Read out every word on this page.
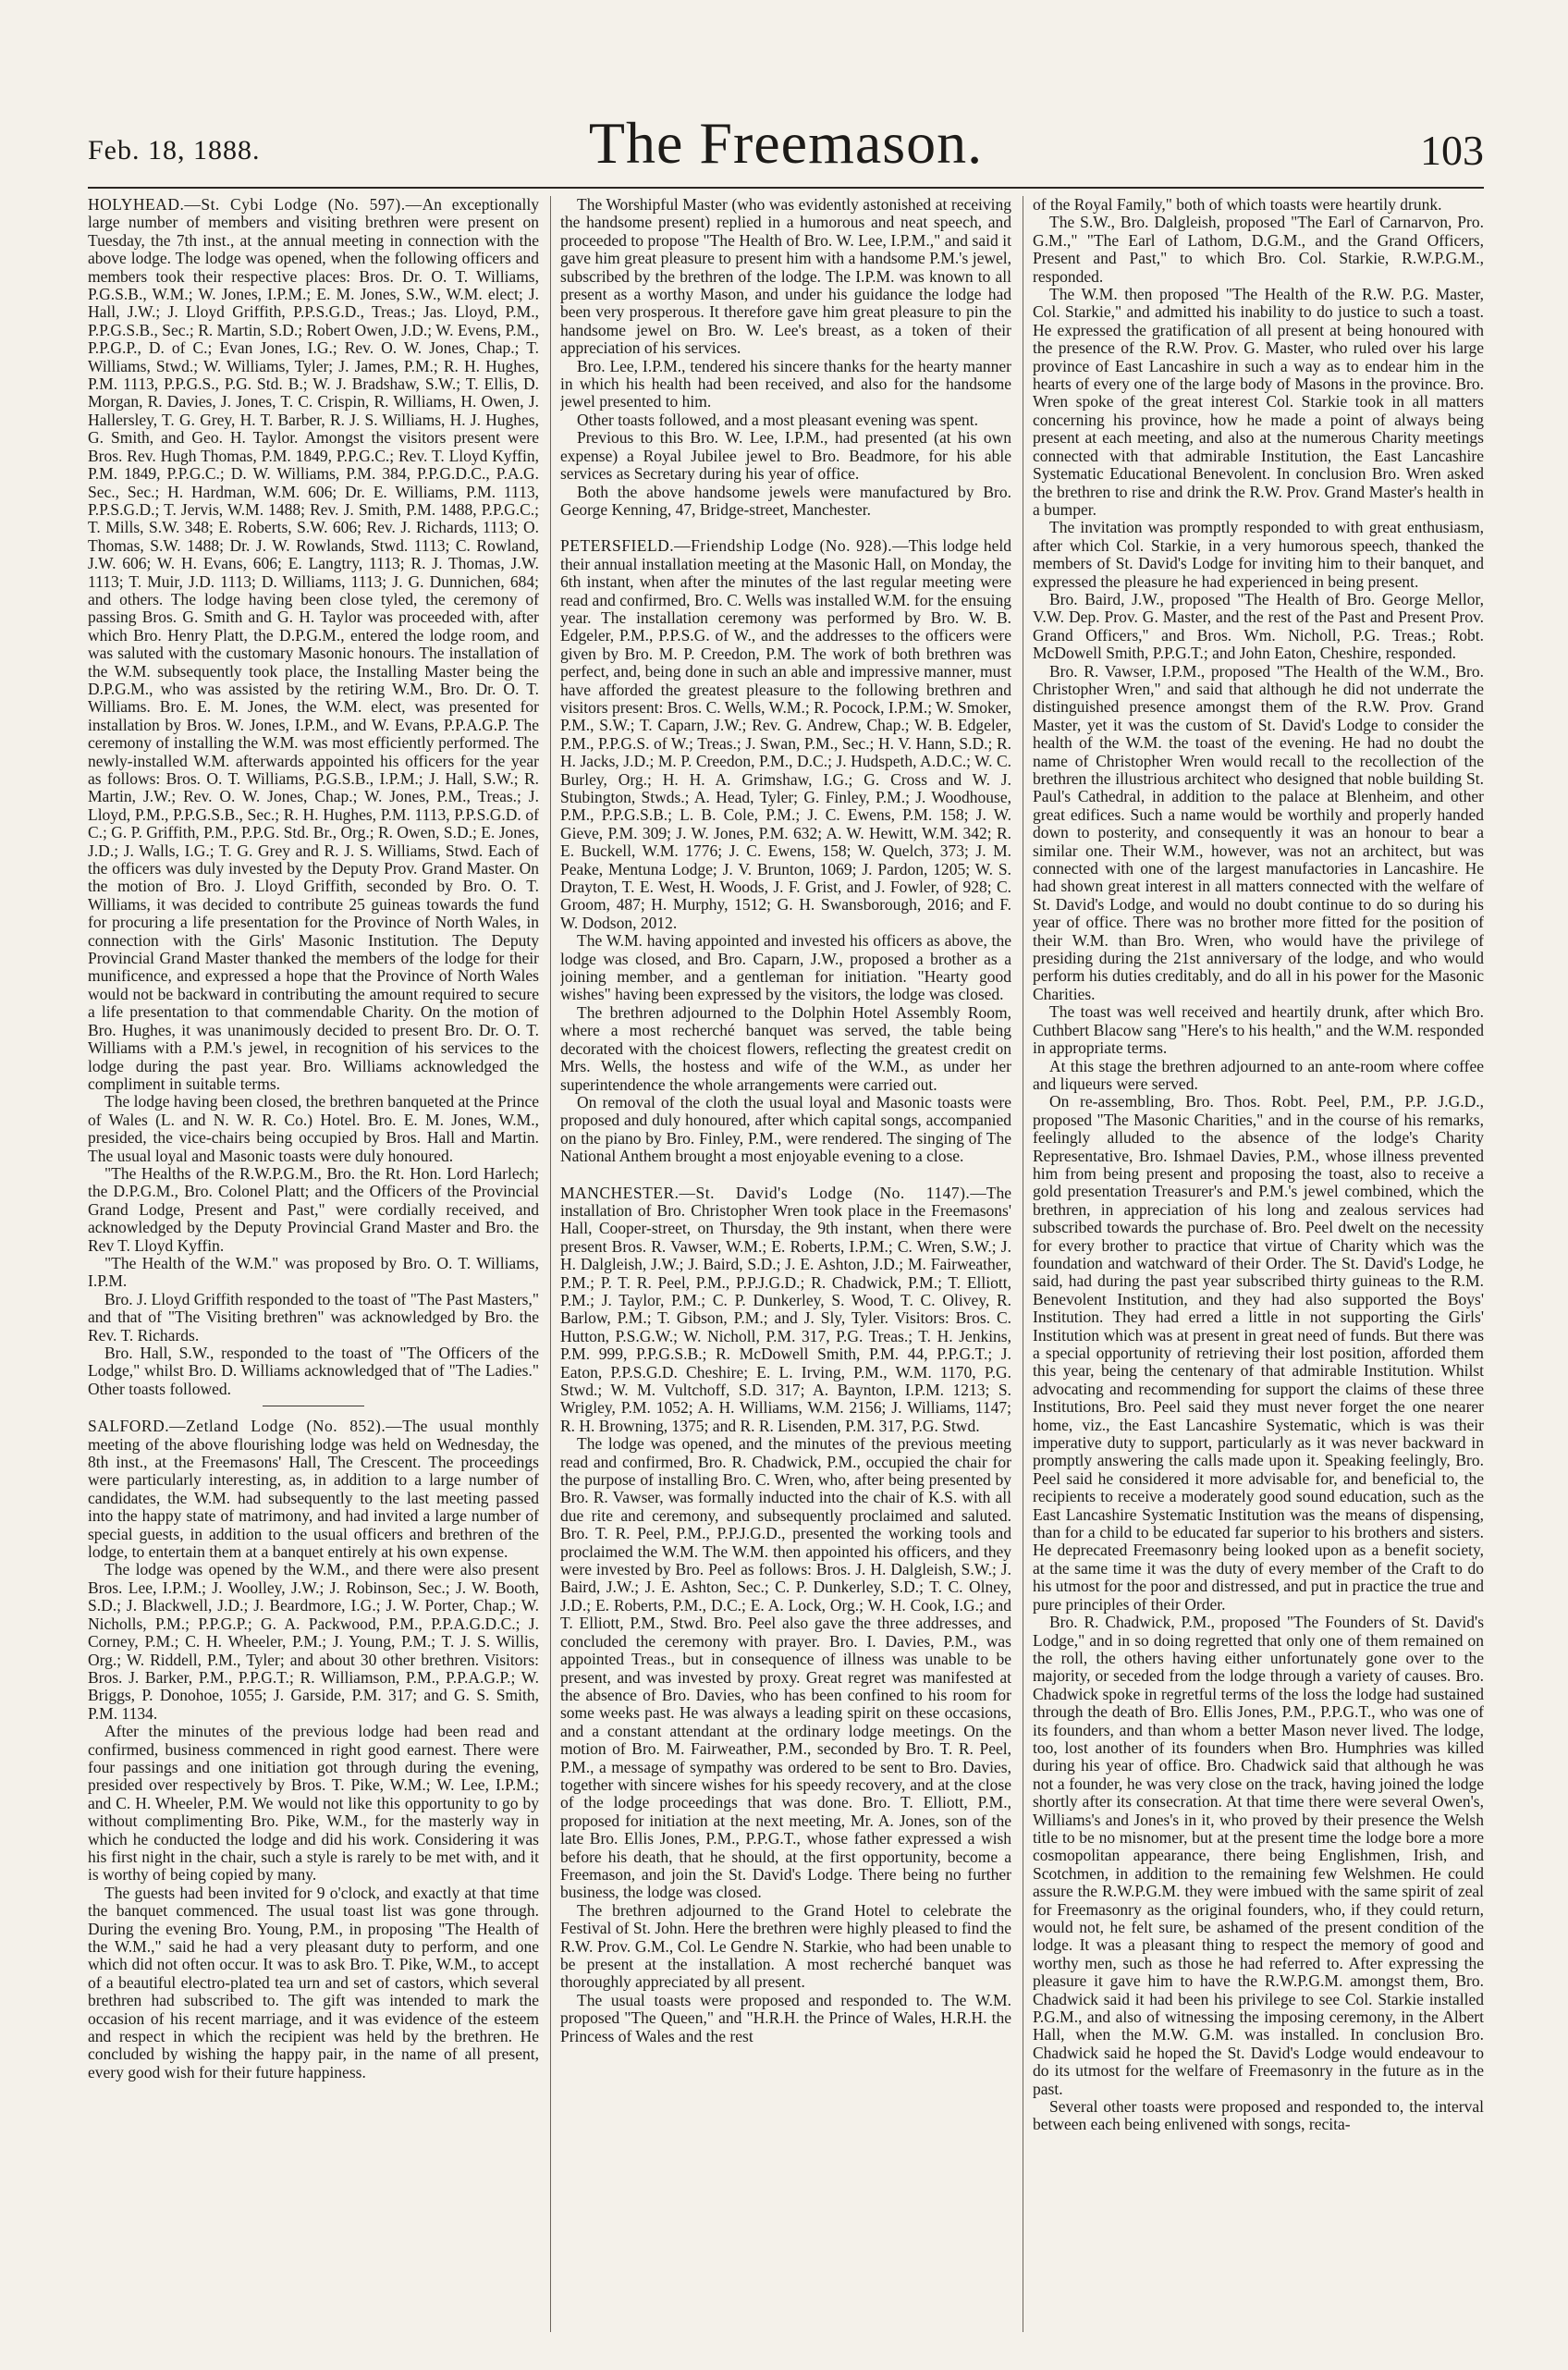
Feb. 18, 1888.	The Freemason.	103

HOLYHEAD.—St. Cybi Lodge (No. 597).—An exceptionally large number of members and visiting brethren were present on Tuesday, the 7th inst., at the annual meeting in connection with the above lodge. The lodge was opened, when the following officers and members took their respective places: Bros. Dr. O. T. Williams, P.G.S.B., W.M.; W. Jones, I.P.M.; E. M. Jones, S.W., W.M. elect; J. Hall, J.W.; J. Lloyd Griffith, P.P.S.G.D., Treas.; Jas. Lloyd, P.M., P.P.G.S.B., Sec.; R. Martin, S.D.; Robert Owen, J.D.; W. Evens, P.M., P.P.G.P., D. of C.; Evan Jones, I.G.; Rev. O. W. Jones, Chap.; T. Williams, Stwd.; W. Williams, Tyler; J. James, P.M.; R. H. Hughes, P.M. 1113, P.P.G.S., P.G. Std. B.; W. J. Bradshaw, S.W.; T. Ellis, D. Morgan, R. Davies, J. Jones, T. C. Crispin, R. Williams, H. Owen, J. Hallersley, T. G. Grey, H. T. Barber, R. J. S. Williams, H. J. Hughes, G. Smith, and Geo. H. Taylor. Amongst the visitors present were Bros. Rev. Hugh Thomas, P.M. 1849, P.P.G.C.; Rev. T. Lloyd Kyffin, P.M. 1849, P.P.G.C.; D. W. Williams, P.M. 384, P.P.G.D.C., P.A.G. Sec., Sec.; H. Hardman, W.M. 606; Dr. E. Williams, P.M. 1113, P.P.S.G.D.; T. Jervis, W.M. 1488; Rev. J. Smith, P.M. 1488, P.P.G.C.; T. Mills, S.W. 348; E. Roberts, S.W. 606; Rev. J. Richards, 1113; O. Thomas, S.W. 1488; Dr. J. W. Rowlands, Stwd. 1113; C. Rowland, J.W. 606; W. H. Evans, 606; E. Langtry, 1113; R. J. Thomas, J.W. 1113; T. Muir, J.D. 1113; D. Williams, 1113; J. G. Dunnichen, 684; and others. The lodge having been close tyled, the ceremony of passing Bros. G. Smith and G. H. Taylor was proceeded with, after which Bro. Henry Platt, the D.P.G.M., entered the lodge room, and was saluted with the customary Masonic honours. The installation of the W.M. subsequently took place, the Installing Master being the D.P.G.M., who was assisted by the retiring W.M., Bro. Dr. O. T. Williams. Bro. E. M. Jones, the W.M. elect, was presented for installation by Bros. W. Jones, I.P.M., and W. Evans, P.P.A.G.P. The ceremony of installing the W.M. was most efficiently performed. The newly-installed W.M. afterwards appointed his officers for the year as follows: Bros. O. T. Williams, P.G.S.B., I.P.M.; J. Hall, S.W.; R. Martin, J.W.; Rev. O. W. Jones, Chap.; W. Jones, P.M., Treas.; J. Lloyd, P.M., P.P.G.S.B., Sec.; R. H. Hughes, P.M. 1113, P.P.S.G.D. of C.; G. P. Griffith, P.M., P.P.G. Std. Br., Org.; R. Owen, S.D.; E. Jones, J.D.; J. Walls, I.G.; T. G. Grey and R. J. S. Williams, Stwd. Each of the officers was duly invested by the Deputy Prov. Grand Master. On the motion of Bro. J. Lloyd Griffith, seconded by Bro. O. T. Williams, it was decided to contribute 25 guineas towards the fund for procuring a life presentation for the Province of North Wales, in connection with the Girls' Masonic Institution. The Deputy Provincial Grand Master thanked the members of the lodge for their munificence, and expressed a hope that the Province of North Wales would not be backward in contributing the amount required to secure a life presentation to that commendable Charity. On the motion of Bro. Hughes, it was unanimously decided to present Bro. Dr. O. T. Williams with a P.M.'s jewel, in recognition of his services to the lodge during the past year. Bro. Williams acknowledged the compliment in suitable terms.

The lodge having been closed, the brethren banqueted at the Prince of Wales (L. and N. W. R. Co.) Hotel. Bro. E. M. Jones, W.M., presided, the vice-chairs being occupied by Bros. Hall and Martin. The usual loyal and Masonic toasts were duly honoured.

"The Healths of the R.W.P.G.M., Bro. the Rt. Hon. Lord Harlech; the D.P.G.M., Bro. Colonel Platt; and the Officers of the Provincial Grand Lodge, Present and Past," were cordially received, and acknowledged by the Deputy Provincial Grand Master and Bro. the Rev T. Lloyd Kyffin.

"The Health of the W.M." was proposed by Bro. O. T. Williams, I.P.M.

Bro. J. Lloyd Griffith responded to the toast of "The Past Masters," and that of "The Visiting brethren" was acknowledged by Bro. the Rev. T. Richards.

Bro. Hall, S.W., responded to the toast of "The Officers of the Lodge," whilst Bro. D. Williams acknowledged that of "The Ladies." Other toasts followed.

SALFORD.—Zetland Lodge (No. 852).—The usual monthly meeting of the above flourishing lodge was held on Wednesday, the 8th inst., at the Freemasons' Hall, The Crescent. The proceedings were particularly interesting, as, in addition to a large number of candidates, the W.M. had subsequently to the last meeting passed into the happy state of matrimony, and had invited a large number of special guests, in addition to the usual officers and brethren of the lodge, to entertain them at a banquet entirely at his own expense.

The lodge was opened by the W.M., and there were also present Bros. Lee, I.P.M.; J. Woolley, J.W.; J. Robinson, Sec.; J. W. Booth, S.D.; J. Blackwell, J.D.; J. Beardmore, I.G.; J. W. Porter, Chap.; W. Nicholls, P.M.; P.P.G.P.; G. A. Packwood, P.M., P.P.A.G.D.C.; J. Corney, P.M.; C. H. Wheeler, P.M.; J. Young, P.M.; T. J. S. Willis, Org.; W. Riddell, P.M., Tyler; and about 30 other brethren. Visitors: Bros. J. Barker, P.M., P.P.G.T.; R. Williamson, P.M., P.P.A.G.P.; W. Briggs, P. Donohoe, 1055; J. Garside, P.M. 317; and G. S. Smith, P.M. 1134.

After the minutes of the previous lodge had been read and confirmed, business commenced in right good earnest. There were four passings and one initiation got through during the evening, presided over respectively by Bros. T. Pike, W.M.; W. Lee, I.P.M.; and C. H. Wheeler, P.M. We would not like this opportunity to go by without complimenting Bro. Pike, W.M., for the masterly way in which he conducted the lodge and did his work. Considering it was his first night in the chair, such a style is rarely to be met with, and it is worthy of being copied by many.

The guests had been invited for 9 o'clock, and exactly at that time the banquet commenced. The usual toast list was gone through. During the evening Bro. Young, P.M., in proposing "The Health of the W.M.," said he had a very pleasant duty to perform, and one which did not often occur. It was to ask Bro. T. Pike, W.M., to accept of a beautiful electro-plated tea urn and set of castors, which several brethren had subscribed to. The gift was intended to mark the occasion of his recent marriage, and it was evidence of the esteem and respect in which the recipient was held by the brethren. He concluded by wishing the happy pair, in the name of all present, every good wish for their future happiness.

The Worshipful Master (who was evidently astonished at receiving the handsome present) replied in a humorous and neat speech, and proceeded to propose "The Health of Bro. W. Lee, I.P.M.," and said it gave him great pleasure to present him with a handsome P.M.'s jewel, subscribed by the brethren of the lodge. The I.P.M. was known to all present as a worthy Mason, and under his guidance the lodge had been very prosperous. It therefore gave him great pleasure to pin the handsome jewel on Bro. W. Lee's breast, as a token of their appreciation of his services.

Bro. Lee, I.P.M., tendered his sincere thanks for the hearty manner in which his health had been received, and also for the handsome jewel presented to him.

Other toasts followed, and a most pleasant evening was spent.

Previous to this Bro. W. Lee, I.P.M., had presented (at his own expense) a Royal Jubilee jewel to Bro. Beadmore, for his able services as Secretary during his year of office.

Both the above handsome jewels were manufactured by Bro. George Kenning, 47, Bridge-street, Manchester.

PETERSFIELD.—Friendship Lodge (No. 928).—This lodge held their annual installation meeting at the Masonic Hall, on Monday, the 6th instant, when after the minutes of the last regular meeting were read and confirmed, Bro. C. Wells was installed W.M. for the ensuing year. The installation ceremony was performed by Bro. W. B. Edgeler, P.M., P.P.S.G. of W., and the addresses to the officers were given by Bro. M. P. Creedon, P.M. The work of both brethren was perfect, and, being done in such an able and impressive manner, must have afforded the greatest pleasure to the following brethren and visitors present: Bros. C. Wells, W.M.; R. Pocock, I.P.M.; W. Smoker, P.M., S.W.; T. Caparn, J.W.; Rev. G. Andrew, Chap.; W. B. Edgeler, P.M., P.P.G.S. of W.; Treas.; J. Swan, P.M., Sec.; H. V. Hann, S.D.; R. H. Jacks, J.D.; M. P. Creedon, P.M., D.C.; J. Hudspeth, A.D.C.; W. C. Burley, Org.; H. H. A. Grimshaw, I.G.; G. Cross and W. J. Stubington, Stwds.; A. Head, Tyler; G. Finley, P.M.; J. Woodhouse, P.M., P.P.G.S.B.; L. B. Cole, P.M.; J. C. Ewens, P.M. 158; J. W. Gieve, P.M. 309; J. W. Jones, P.M. 632; A. W. Hewitt, W.M. 342; R. E. Buckell, W.M. 1776; J. C. Ewens, 158; W. Quelch, 373; J. M. Peake, Mentuna Lodge; J. V. Brunton, 1069; J. Pardon, 1205; W. S. Drayton, T. E. West, H. Woods, J. F. Grist, and J. Fowler, of 928; C. Groom, 487; H. Murphy, 1512; G. H. Swansborough, 2016; and F. W. Dodson, 2012.

The W.M. having appointed and invested his officers as above, the lodge was closed, and Bro. Caparn, J.W., proposed a brother as a joining member, and a gentleman for initiation. "Hearty good wishes" having been expressed by the visitors, the lodge was closed.

The brethren adjourned to the Dolphin Hotel Assembly Room, where a most recherché banquet was served, the table being decorated with the choicest flowers, reflecting the greatest credit on Mrs. Wells, the hostess and wife of the W.M., as under her superintendence the whole arrangements were carried out.

On removal of the cloth the usual loyal and Masonic toasts were proposed and duly honoured, after which capital songs, accompanied on the piano by Bro. Finley, P.M., were rendered. The singing of The National Anthem brought a most enjoyable evening to a close.

MANCHESTER.—St. David's Lodge (No. 1147).—The installation of Bro. Christopher Wren took place in the Freemasons' Hall, Cooper-street, on Thursday, the 9th instant, when there were present Bros. R. Vawser, W.M.; E. Roberts, I.P.M.; C. Wren, S.W.; J. H. Dalgleish, J.W.; J. Baird, S.D.; J. E. Ashton, J.D.; M. Fairweather, P.M.; P. T. R. Peel, P.M., P.P.J.G.D.; R. Chadwick, P.M.; T. Elliott, P.M.; J. Taylor, P.M.; C. P. Dunkerley, S. Wood, T. C. Olivey, R. Barlow, P.M.; T. Gibson, P.M.; and J. Sly, Tyler. Visitors: Bros. C. Hutton, P.S.G.W.; W. Nicholl, P.M. 317, P.G. Treas.; T. H. Jenkins, P.M. 999, P.P.G.S.B.; R. McDowell Smith, P.M. 44, P.P.G.T.; J. Eaton, P.P.S.G.D. Cheshire; E. L. Irving, P.M., W.M. 1170, P.G. Stwd.; W. M. Vultchoff, S.D. 317; A. Baynton, I.P.M. 1213; S. Wrigley, P.M. 1052; A. H. Williams, W.M. 2156; J. Williams, 1147; R. H. Browning, 1375; and R. R. Lisenden, P.M. 317, P.G. Stwd.

The lodge was opened, and the minutes of the previous meeting read and confirmed, Bro. R. Chadwick, P.M., occupied the chair for the purpose of installing Bro. C. Wren, who, after being presented by Bro. R. Vawser, was formally inducted into the chair of K.S. with all due rite and ceremony, and subsequently proclaimed and saluted. Bro. T. R. Peel, P.M., P.P.J.G.D., presented the working tools and proclaimed the W.M. The W.M. then appointed his officers, and they were invested by Bro. Peel as follows: Bros. J. H. Dalgleish, S.W.; J. Baird, J.W.; J. E. Ashton, Sec.; C. P. Dunkerley, S.D.; T. C. Olney, J.D.; E. Roberts, P.M., D.C.; E. A. Lock, Org.; W. H. Cook, I.G.; and T. Elliott, P.M., Stwd. Bro. Peel also gave the three addresses, and concluded the ceremony with prayer. Bro. I. Davies, P.M., was appointed Treas., but in consequence of illness was unable to be present, and was invested by proxy. Great regret was manifested at the absence of Bro. Davies, who has been confined to his room for some weeks past. He was always a leading spirit on these occasions, and a constant attendant at the ordinary lodge meetings. On the motion of Bro. M. Fairweather, P.M., seconded by Bro. T. R. Peel, P.M., a message of sympathy was ordered to be sent to Bro. Davies, together with sincere wishes for his speedy recovery, and at the close of the lodge proceedings that was done. Bro. T. Elliott, P.M., proposed for initiation at the next meeting, Mr. A. Jones, son of the late Bro. Ellis Jones, P.M., P.P.G.T., whose father expressed a wish before his death, that he should, at the first opportunity, become a Freemason, and join the St. David's Lodge. There being no further business, the lodge was closed.

The brethren adjourned to the Grand Hotel to celebrate the Festival of St. John. Here the brethren were highly pleased to find the R.W. Prov. G.M., Col. Le Gendre N. Starkie, who had been unable to be present at the installation. A most recherché banquet was thoroughly appreciated by all present.

The usual toasts were proposed and responded to. The W.M. proposed "The Queen," and "H.R.H. the Prince of Wales, H.R.H. the Princess of Wales and the rest

of the Royal Family," both of which toasts were heartily drunk.

The S.W., Bro. Dalgleish, proposed "The Earl of Carnarvon, Pro. G.M.," "The Earl of Lathom, D.G.M., and the Grand Officers, Present and Past," to which Bro. Col. Starkie, R.W.P.G.M., responded.

The W.M. then proposed "The Health of the R.W. P.G. Master, Col. Starkie," and admitted his inability to do justice to such a toast. He expressed the gratification of all present at being honoured with the presence of the R.W. Prov. G. Master, who ruled over his large province of East Lancashire in such a way as to endear him in the hearts of every one of the large body of Masons in the province. Bro. Wren spoke of the great interest Col. Starkie took in all matters concerning his province, how he made a point of always being present at each meeting, and also at the numerous Charity meetings connected with that admirable Institution, the East Lancashire Systematic Educational Benevolent. In conclusion Bro. Wren asked the brethren to rise and drink the R.W. Prov. Grand Master's health in a bumper.

The invitation was promptly responded to with great enthusiasm, after which Col. Starkie, in a very humorous speech, thanked the members of St. David's Lodge for inviting him to their banquet, and expressed the pleasure he had experienced in being present.

Bro. Baird, J.W., proposed "The Health of Bro. George Mellor, V.W. Dep. Prov. G. Master, and the rest of the Past and Present Prov. Grand Officers," and Bros. Wm. Nicholl, P.G. Treas.; Robt. McDowell Smith, P.P.G.T.; and John Eaton, Cheshire, responded.

Bro. R. Vawser, I.P.M., proposed "The Health of the W.M., Bro. Christopher Wren," and said that although he did not underrate the distinguished presence amongst them of the R.W. Prov. Grand Master, yet it was the custom of St. David's Lodge to consider the health of the W.M. the toast of the evening. He had no doubt the name of Christopher Wren would recall to the recollection of the brethren the illustrious architect who designed that noble building St. Paul's Cathedral, in addition to the palace at Blenheim, and other great edifices. Such a name would be worthily and properly handed down to posterity, and consequently it was an honour to bear a similar one. Their W.M., however, was not an architect, but was connected with one of the largest manufactories in Lancashire. He had shown great interest in all matters connected with the welfare of St. David's Lodge, and would no doubt continue to do so during his year of office. There was no brother more fitted for the position of their W.M. than Bro. Wren, who would have the privilege of presiding during the 21st anniversary of the lodge, and who would perform his duties creditably, and do all in his power for the Masonic Charities.

The toast was well received and heartily drunk, after which Bro. Cuthbert Blacow sang "Here's to his health," and the W.M. responded in appropriate terms.

At this stage the brethren adjourned to an ante-room where coffee and liqueurs were served.

On re-assembling, Bro. Thos. Robt. Peel, P.M., P.P. J.G.D., proposed "The Masonic Charities," and in the course of his remarks, feelingly alluded to the absence of the lodge's Charity Representative, Bro. Ishmael Davies, P.M., whose illness prevented him from being present and proposing the toast, also to receive a gold presentation Treasurer's and P.M.'s jewel combined, which the brethren, in appreciation of his long and zealous services had subscribed towards the purchase of. Bro. Peel dwelt on the necessity for every brother to practice that virtue of Charity which was the foundation and watchward of their Order. The St. David's Lodge, he said, had during the past year subscribed thirty guineas to the R.M. Benevolent Institution, and they had also supported the Boys' Institution. They had erred a little in not supporting the Girls' Institution which was at present in great need of funds. But there was a special opportunity of retrieving their lost position, afforded them this year, being the centenary of that admirable Institution. Whilst advocating and recommending for support the claims of these three Institutions, Bro. Peel said they must never forget the one nearer home, viz., the East Lancashire Systematic, which is was their imperative duty to support, particularly as it was never backward in promptly answering the calls made upon it. Speaking feelingly, Bro. Peel said he considered it more advisable for, and beneficial to, the recipients to receive a moderately good sound education, such as the East Lancashire Systematic Institution was the means of dispensing, than for a child to be educated far superior to his brothers and sisters. He deprecated Freemasonry being looked upon as a benefit society, at the same time it was the duty of every member of the Craft to do his utmost for the poor and distressed, and put in practice the true and pure principles of their Order.

Bro. R. Chadwick, P.M., proposed "The Founders of St. David's Lodge," and in so doing regretted that only one of them remained on the roll, the others having either unfortunately gone over to the majority, or seceded from the lodge through a variety of causes. Bro. Chadwick spoke in regretful terms of the loss the lodge had sustained through the death of Bro. Ellis Jones, P.M., P.P.G.T., who was one of its founders, and than whom a better Mason never lived. The lodge, too, lost another of its founders when Bro. Humphries was killed during his year of office. Bro. Chadwick said that although he was not a founder, he was very close on the track, having joined the lodge shortly after its consecration. At that time there were several Owen's, Williams's and Jones's in it, who proved by their presence the Welsh title to be no misnomer, but at the present time the lodge bore a more cosmopolitan appearance, there being Englishmen, Irish, and Scotchmen, in addition to the remaining few Welshmen. He could assure the R.W.P.G.M. they were imbued with the same spirit of zeal for Freemasonry as the original founders, who, if they could return, would not, he felt sure, be ashamed of the present condition of the lodge. It was a pleasant thing to respect the memory of good and worthy men, such as those he had referred to. After expressing the pleasure it gave him to have the R.W.P.G.M. amongst them, Bro. Chadwick said it had been his privilege to see Col. Starkie installed P.G.M., and also of witnessing the imposing ceremony, in the Albert Hall, when the M.W. G.M. was installed. In conclusion Bro. Chadwick said he hoped the St. David's Lodge would endeavour to do its utmost for the welfare of Freemasonry in the future as in the past.

Several other toasts were proposed and responded to, the interval between each being enlivened with songs, recita-
